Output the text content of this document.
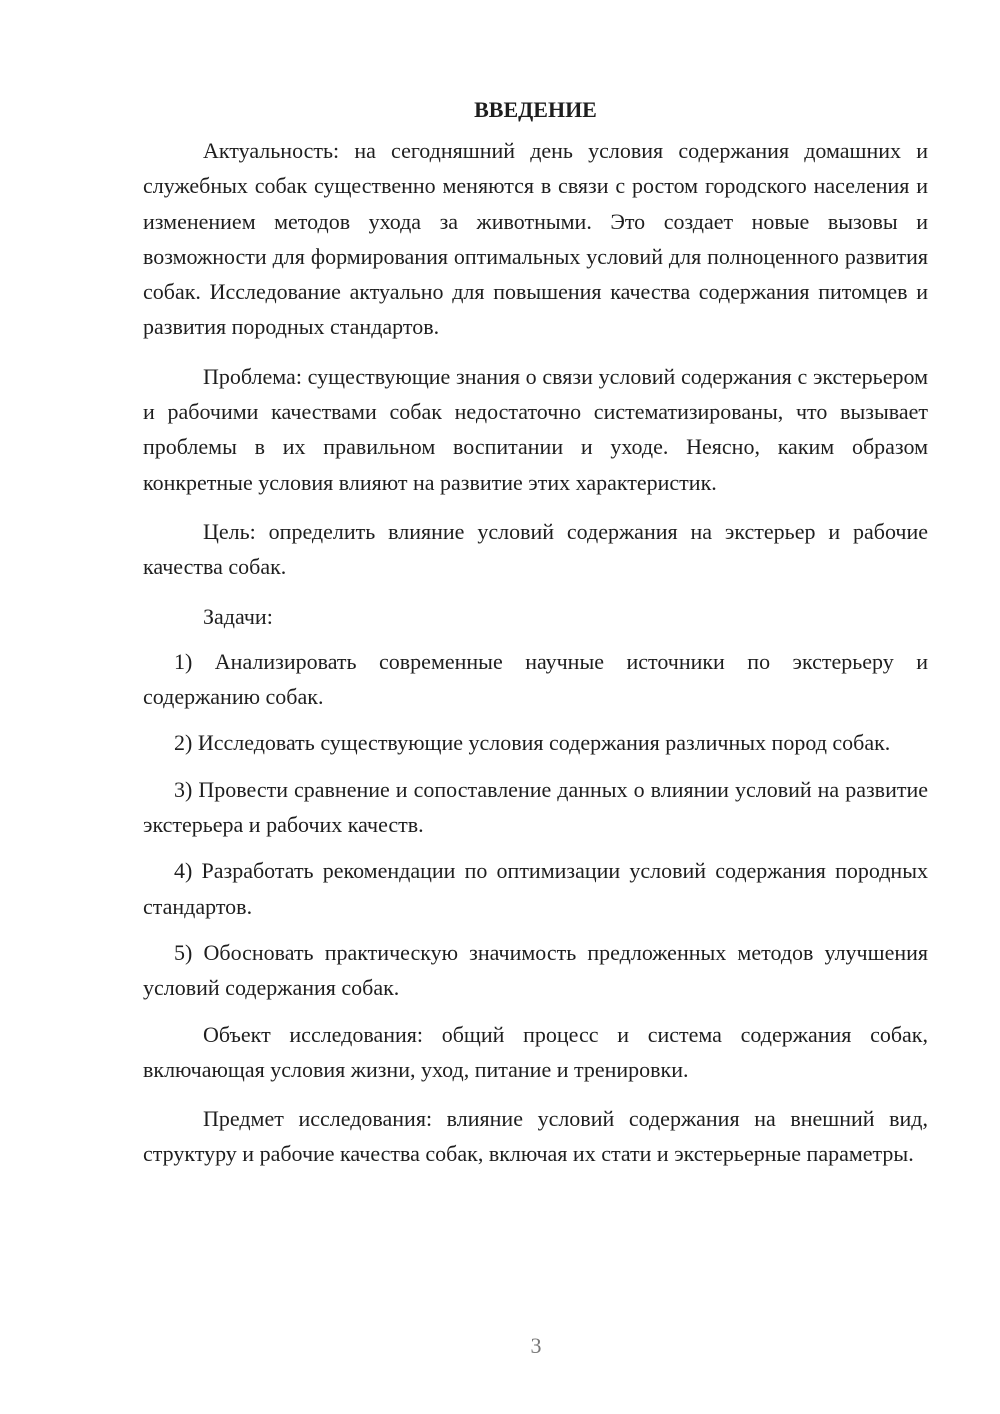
ВВЕДЕНИЕ

Актуальность: на сегодняшний день условия содержания домашних и служебных собак существенно меняются в связи с ростом городского населения и изменением методов ухода за животными. Это создает новые вызовы и возможности для формирования оптимальных условий для полноценного развития собак. Исследование актуально для повышения качества содержания питомцев и развития породных стандартов.

Проблема: существующие знания о связи условий содержания с экстерьером и рабочими качествами собак недостаточно систематизированы, что вызывает проблемы в их правильном воспитании и уходе. Неясно, каким образом конкретные условия влияют на развитие этих характеристик.

Цель: определить влияние условий содержания на экстерьер и рабочие качества собак.

Задачи:

1) Анализировать современные научные источники по экстерьеру и содержанию собак.

2) Исследовать существующие условия содержания различных пород собак.

3) Провести сравнение и сопоставление данных о влиянии условий на развитие экстерьера и рабочих качеств.

4) Разработать рекомендации по оптимизации условий содержания породных стандартов.

5) Обосновать практическую значимость предложенных методов улучшения условий содержания собак.

Объект исследования: общий процесс и система содержания собак, включающая условия жизни, уход, питание и тренировки.

Предмет исследования: влияние условий содержания на внешний вид, структуру и рабочие качества собак, включая их стати и экстерьерные параметры.

3
